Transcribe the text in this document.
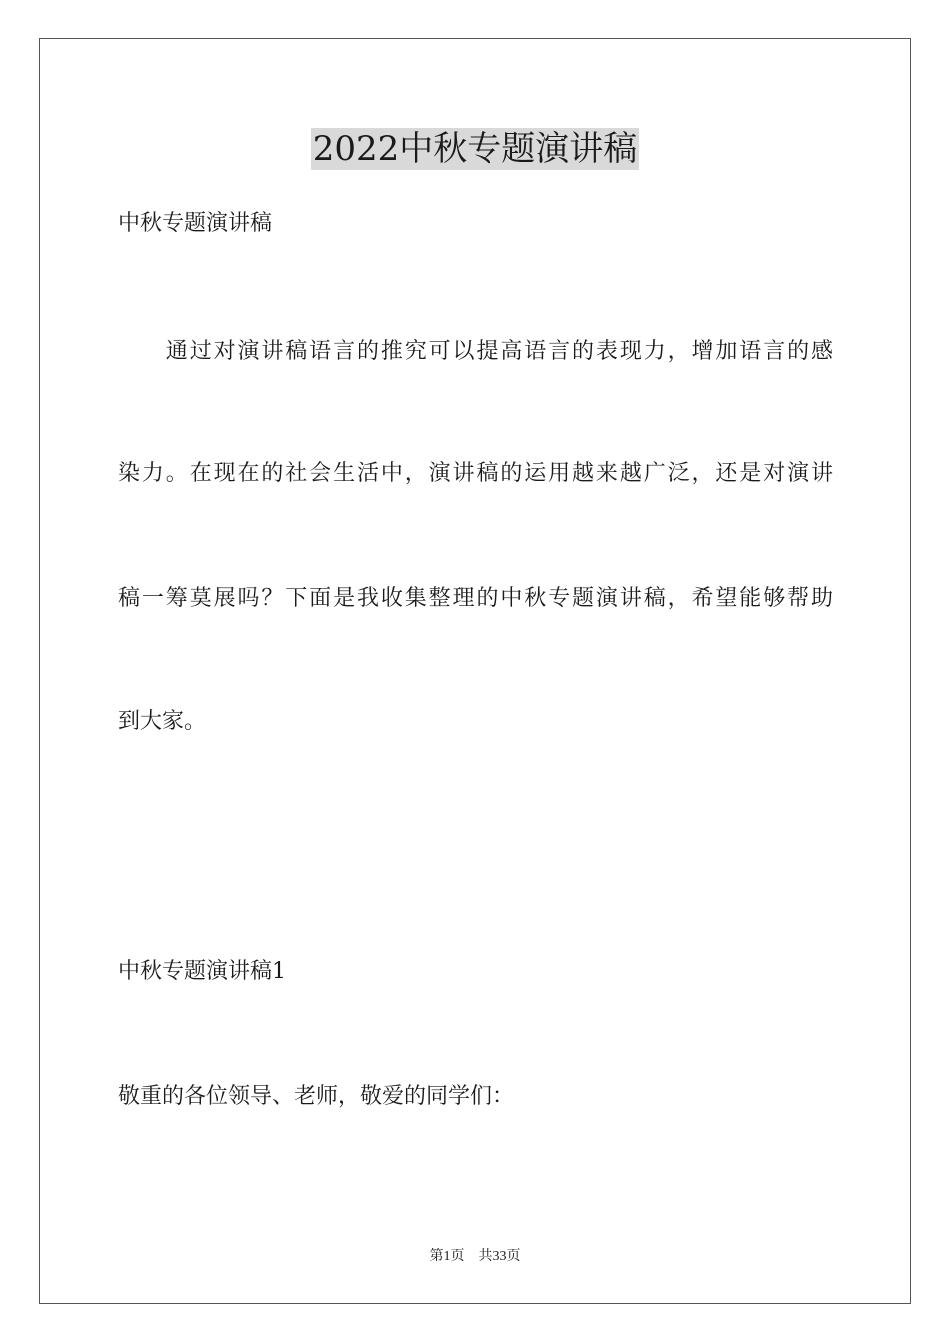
2022中秋专题演讲稿
中秋专题演讲稿
　　通过对演讲稿语言的推究可以提高语言的表现力，增加语言的感
染力。在现在的社会生活中，演讲稿的运用越来越广泛，还是对演讲
稿一筹莫展吗？下面是我收集整理的中秋专题演讲稿，希望能够帮助
到大家。
中秋专题演讲稿1
敬重的各位领导、老师，敬爱的同学们：
第1页 共33页
